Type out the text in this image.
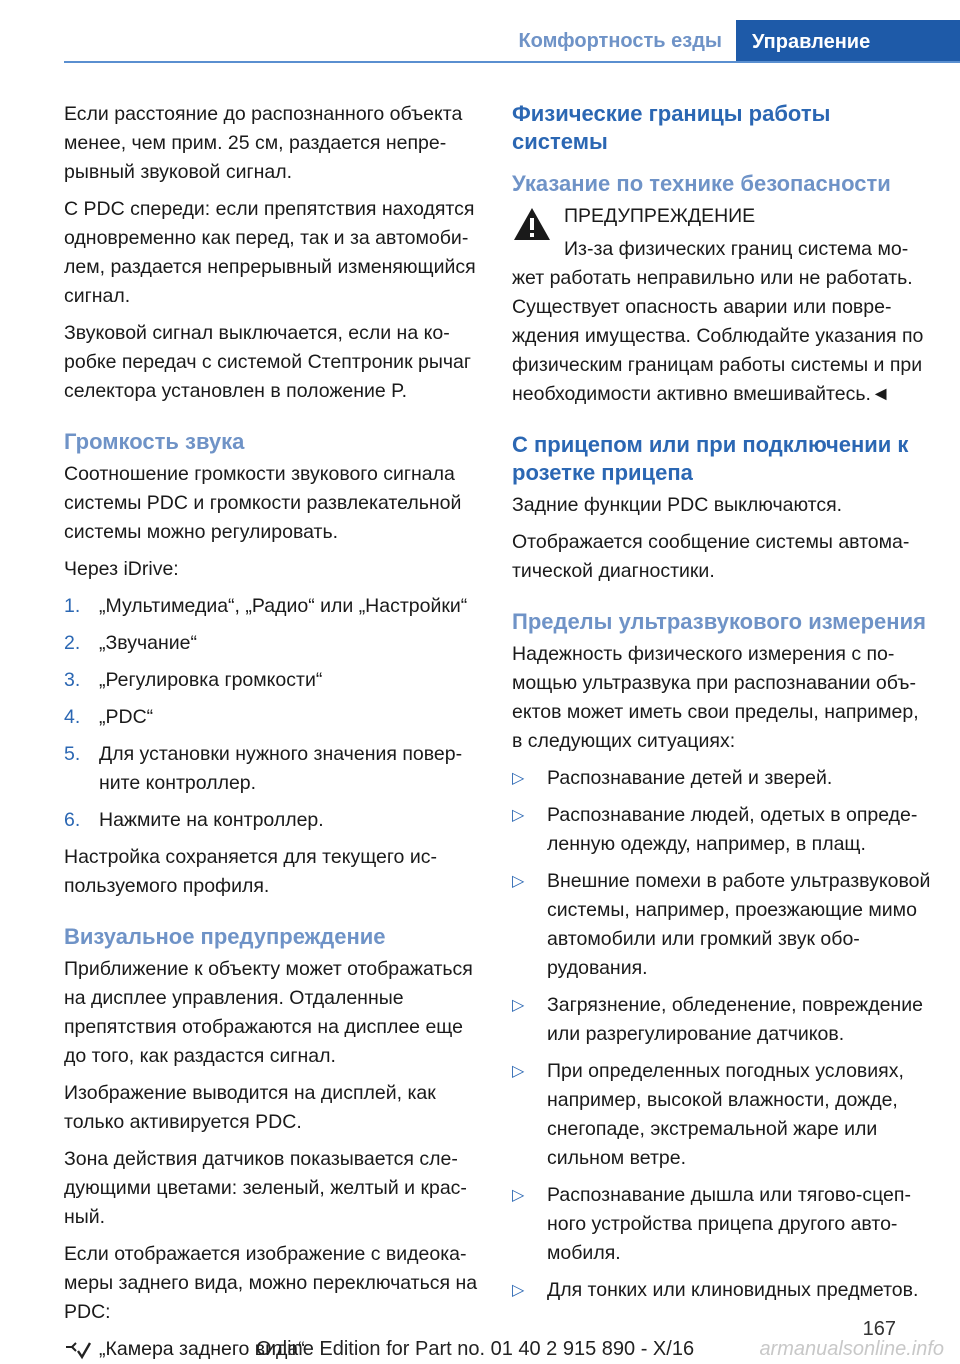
Комфортность езды	Управление

Если расстояние до распознанного объекта менее, чем прим. 25 см, раздается непрерывный звуковой сигнал.

С PDC спереди: если препятствия находятся одновременно как перед, так и за автомобилем, раздается непрерывный изменяющийся сигнал.

Звуковой сигнал выключается, если на коробке передач с системой Стептроник рычаг селектора установлен в положение P.

Громкость звука

Соотношение громкости звукового сигнала системы PDC и громкости развлекательной системы можно регулировать.

Через iDrive:

1. „Мультимедиа“, „Радио“ или „Настройки“
2. „Звучание“
3. „Регулировка громкости“
4. „PDC“
5. Для установки нужного значения поверните контроллер.
6. Нажмите на контроллер.

Настройка сохраняется для текущего используемого профиля.

Визуальное предупреждение

Приближение к объекту может отображаться на дисплее управления. Отдаленные препятствия отображаются на дисплее еще до того, как раздастся сигнал.

Изображение выводится на дисплей, как только активируется PDC.

Зона действия датчиков показывается следующими цветами: зеленый, желтый и красный.

Если отображается изображение с видеокамеры заднего вида, можно переключаться на PDC:

„Камера заднего вида“
Физические границы работы системы
Указание по технике безопасности

ПРЕДУПРЕЖДЕНИЕ

Из-за физических границ система может работать неправильно или не работать. Существует опасность аварии или повреждения имущества. Соблюдайте указания по физическим границам работы системы и при необходимости активно вмешивайтесь.◄

С прицепом или при подключении к розетке прицепа

Задние функции PDC выключаются.

Отображается сообщение системы автоматической диагностики.

Пределы ультразвукового измерения

Надежность физического измерения с помощью ультразвука при распознавании объектов может иметь свои пределы, например, в следующих ситуациях:

▷ Распознавание детей и зверей.
▷ Распознавание людей, одетых в определенную одежду, например, в плащ.
▷ Внешние помехи в работе ультразвуковой системы, например, проезжающие мимо автомобили или громкий звук оборудования.
▷ Загрязнение, обледенение, повреждение или разрегулирование датчиков.
▷ При определенных погодных условиях, например, высокой влажности, дожде, снегопаде, экстремальной жаре или сильном ветре.
▷ Распознавание дышла или тягово-сцепного устройства прицепа другого автомобиля.
▷ Для тонких или клиновидных предметов.
167
Online Edition for Part no. 01 40 2 915 890 - X/16	armanualsonline.info
